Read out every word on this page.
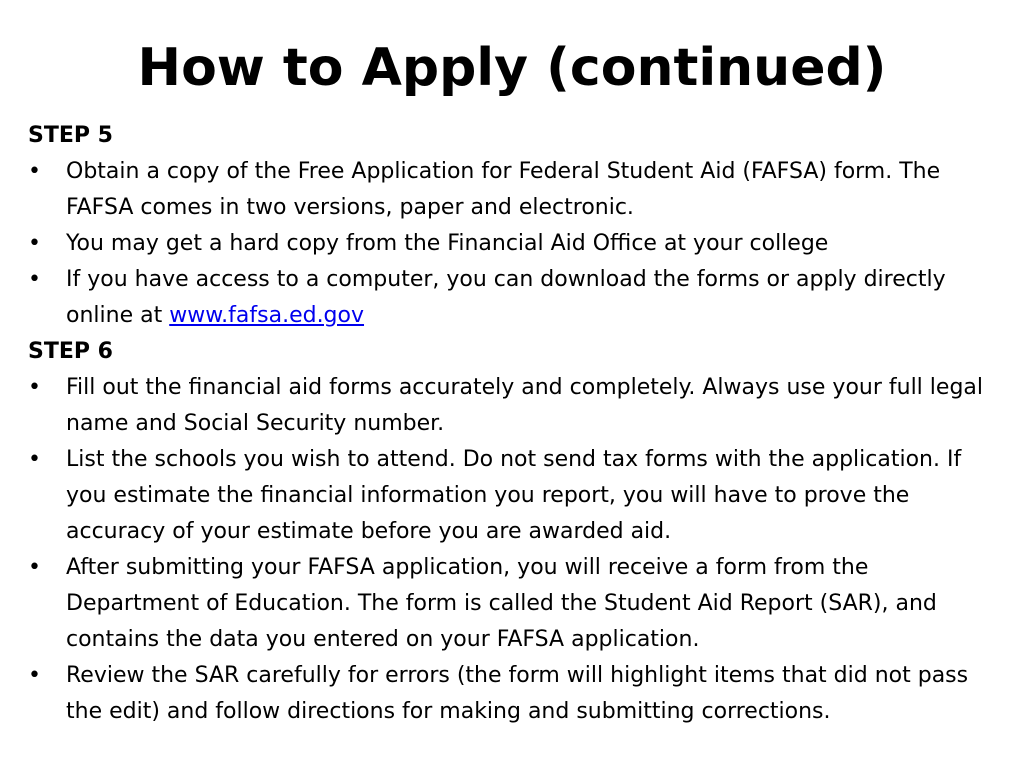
How to Apply (continued)
STEP 5
• Obtain a copy of the Free Application for Federal Student Aid (FAFSA) form. The FAFSA comes in two versions, paper and electronic.
• You may get a hard copy from the Financial Aid Office at your college
• If you have access to a computer, you can download the forms or apply directly online at www.fafsa.ed.gov
STEP 6
• Fill out the financial aid forms accurately and completely. Always use your full legal name and Social Security number.
• List the schools you wish to attend. Do not send tax forms with the application. If you estimate the financial information you report, you will have to prove the accuracy of your estimate before you are awarded aid.
• After submitting your FAFSA application, you will receive a form from the Department of Education. The form is called the Student Aid Report (SAR), and contains the data you entered on your FAFSA application.
• Review the SAR carefully for errors (the form will highlight items that did not pass the edit) and follow directions for making and submitting corrections.
